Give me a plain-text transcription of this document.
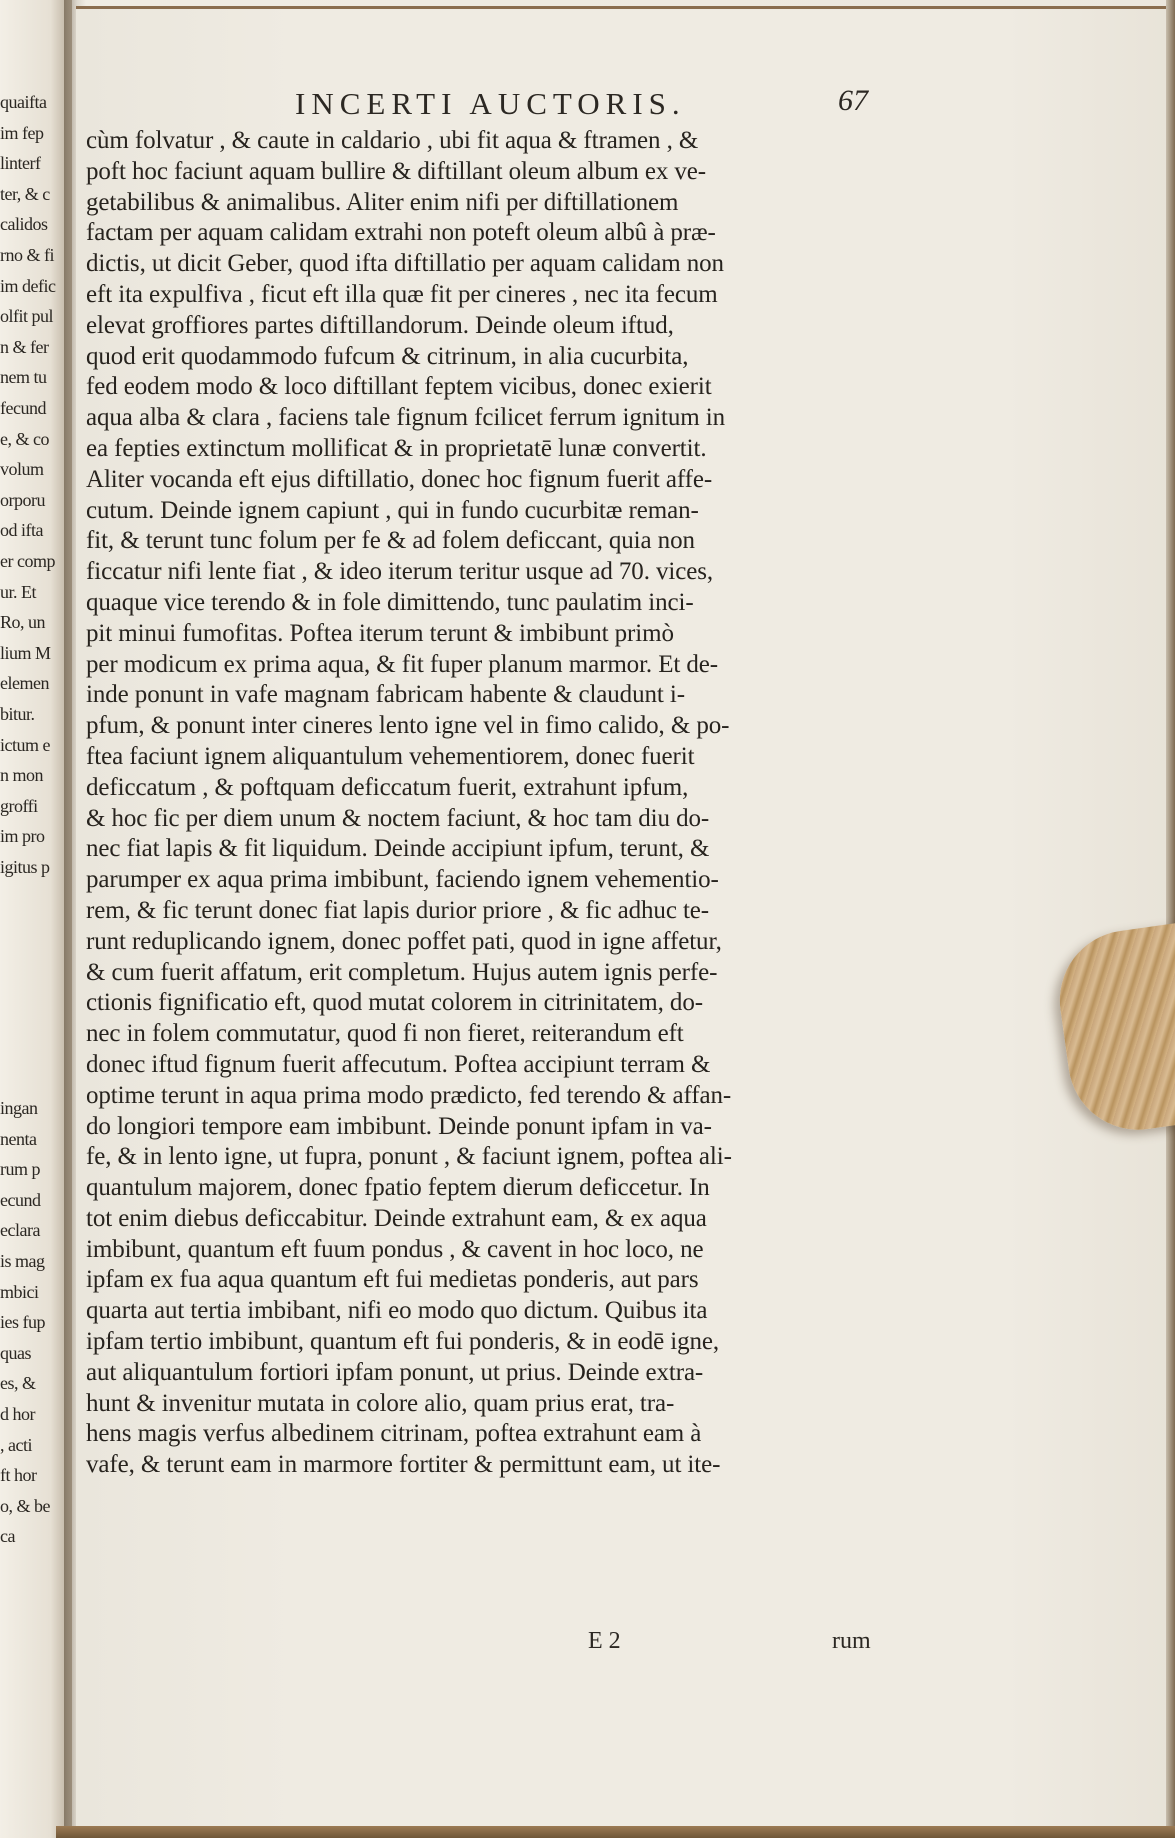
quaifta
im fep
linterf
ter, & c
calidos
rno & fi
im defic
olfit pul
n & fer
nem tu
fecund
e, & co
volum
orporu
od ifta
er comp
ur. Et
Ro, un
lium M
elemen
bitur.
ictum e
n mon
groffi
im pro
igitus p
ingan
nenta
rum p
ecund
eclara
is mag
mbici
ies fup
quas
es, &
d hor
, acti
ft hor
o, & be
ca
INCERTI AUCTORIS.	67
cùm folvatur , & caute in caldario , ubi fit aqua & ftramen , &
poft hoc faciunt aquam bullire & diftillant oleum album ex ve-
getabilibus & animalibus. Aliter enim nifi per diftillationem
factam per aquam calidam extrahi non poteft oleum albû à præ-
dictis, ut dicit Geber, quod ifta diftillatio per aquam calidam non
eft ita expulfiva , ficut eft illa quæ fit per cineres , nec ita fecum
elevat groffiores partes diftillandorum. Deinde oleum iftud,
quod erit quodammodo fufcum & citrinum, in alia cucurbita,
fed eodem modo & loco diftillant feptem vicibus, donec exierit
aqua alba & clara , faciens tale fignum fcilicet ferrum ignitum in
ea fepties extinctum mollificat & in proprietatē lunæ convertit.
Aliter vocanda eft ejus diftillatio, donec hoc fignum fuerit affe-
cutum. Deinde ignem capiunt , qui in fundo cucurbitæ reman-
fit, & terunt tunc folum per fe & ad folem deficcant, quia non
ficcatur nifi lente fiat , & ideo iterum teritur usque ad 70. vices,
quaque vice terendo & in fole dimittendo, tunc paulatim inci-
pit minui fumofitas. Poftea iterum terunt & imbibunt primò
per modicum ex prima aqua, & fit fuper planum marmor. Et de-
inde ponunt in vafe magnam fabricam habente & claudunt i-
pfum, & ponunt inter cineres lento igne vel in fimo calido, & po-
ftea faciunt ignem aliquantulum vehementiorem, donec fuerit
deficcatum , & poftquam deficcatum fuerit, extrahunt ipfum,
& hoc fic per diem unum & noctem faciunt, & hoc tam diu do-
nec fiat lapis & fit liquidum. Deinde accipiunt ipfum, terunt, &
parumper ex aqua prima imbibunt, faciendo ignem vehementio-
rem, & fic terunt donec fiat lapis durior priore , & fic adhuc te-
runt reduplicando ignem, donec poffet pati, quod in igne affetur,
& cum fuerit affatum, erit completum. Hujus autem ignis perfe-
ctionis fignificatio eft, quod mutat colorem in citrinitatem, do-
nec in folem commutatur, quod fi non fieret, reiterandum eft
donec iftud fignum fuerit affecutum. Poftea accipiunt terram &
optime terunt in aqua prima modo prædicto, fed terendo & affan-
do longiori tempore eam imbibunt. Deinde ponunt ipfam in va-
fe, & in lento igne, ut fupra, ponunt , & faciunt ignem, poftea ali-
quantulum majorem, donec fpatio feptem dierum deficcetur. In
tot enim diebus deficcabitur. Deinde extrahunt eam, & ex aqua
imbibunt, quantum eft fuum pondus , & cavent in hoc loco, ne
ipfam ex fua aqua quantum eft fui medietas ponderis, aut pars
quarta aut tertia imbibant, nifi eo modo quo dictum. Quibus ita
ipfam tertio imbibunt, quantum eft fui ponderis, & in eodē igne,
aut aliquantulum fortiori ipfam ponunt, ut prius. Deinde extra-
hunt & invenitur mutata in colore alio, quam prius erat, tra-
hens magis verfus albedinem citrinam, poftea extrahunt eam à
vafe, & terunt eam in marmore fortiter & permittunt eam, ut ite-
E 2	rum
